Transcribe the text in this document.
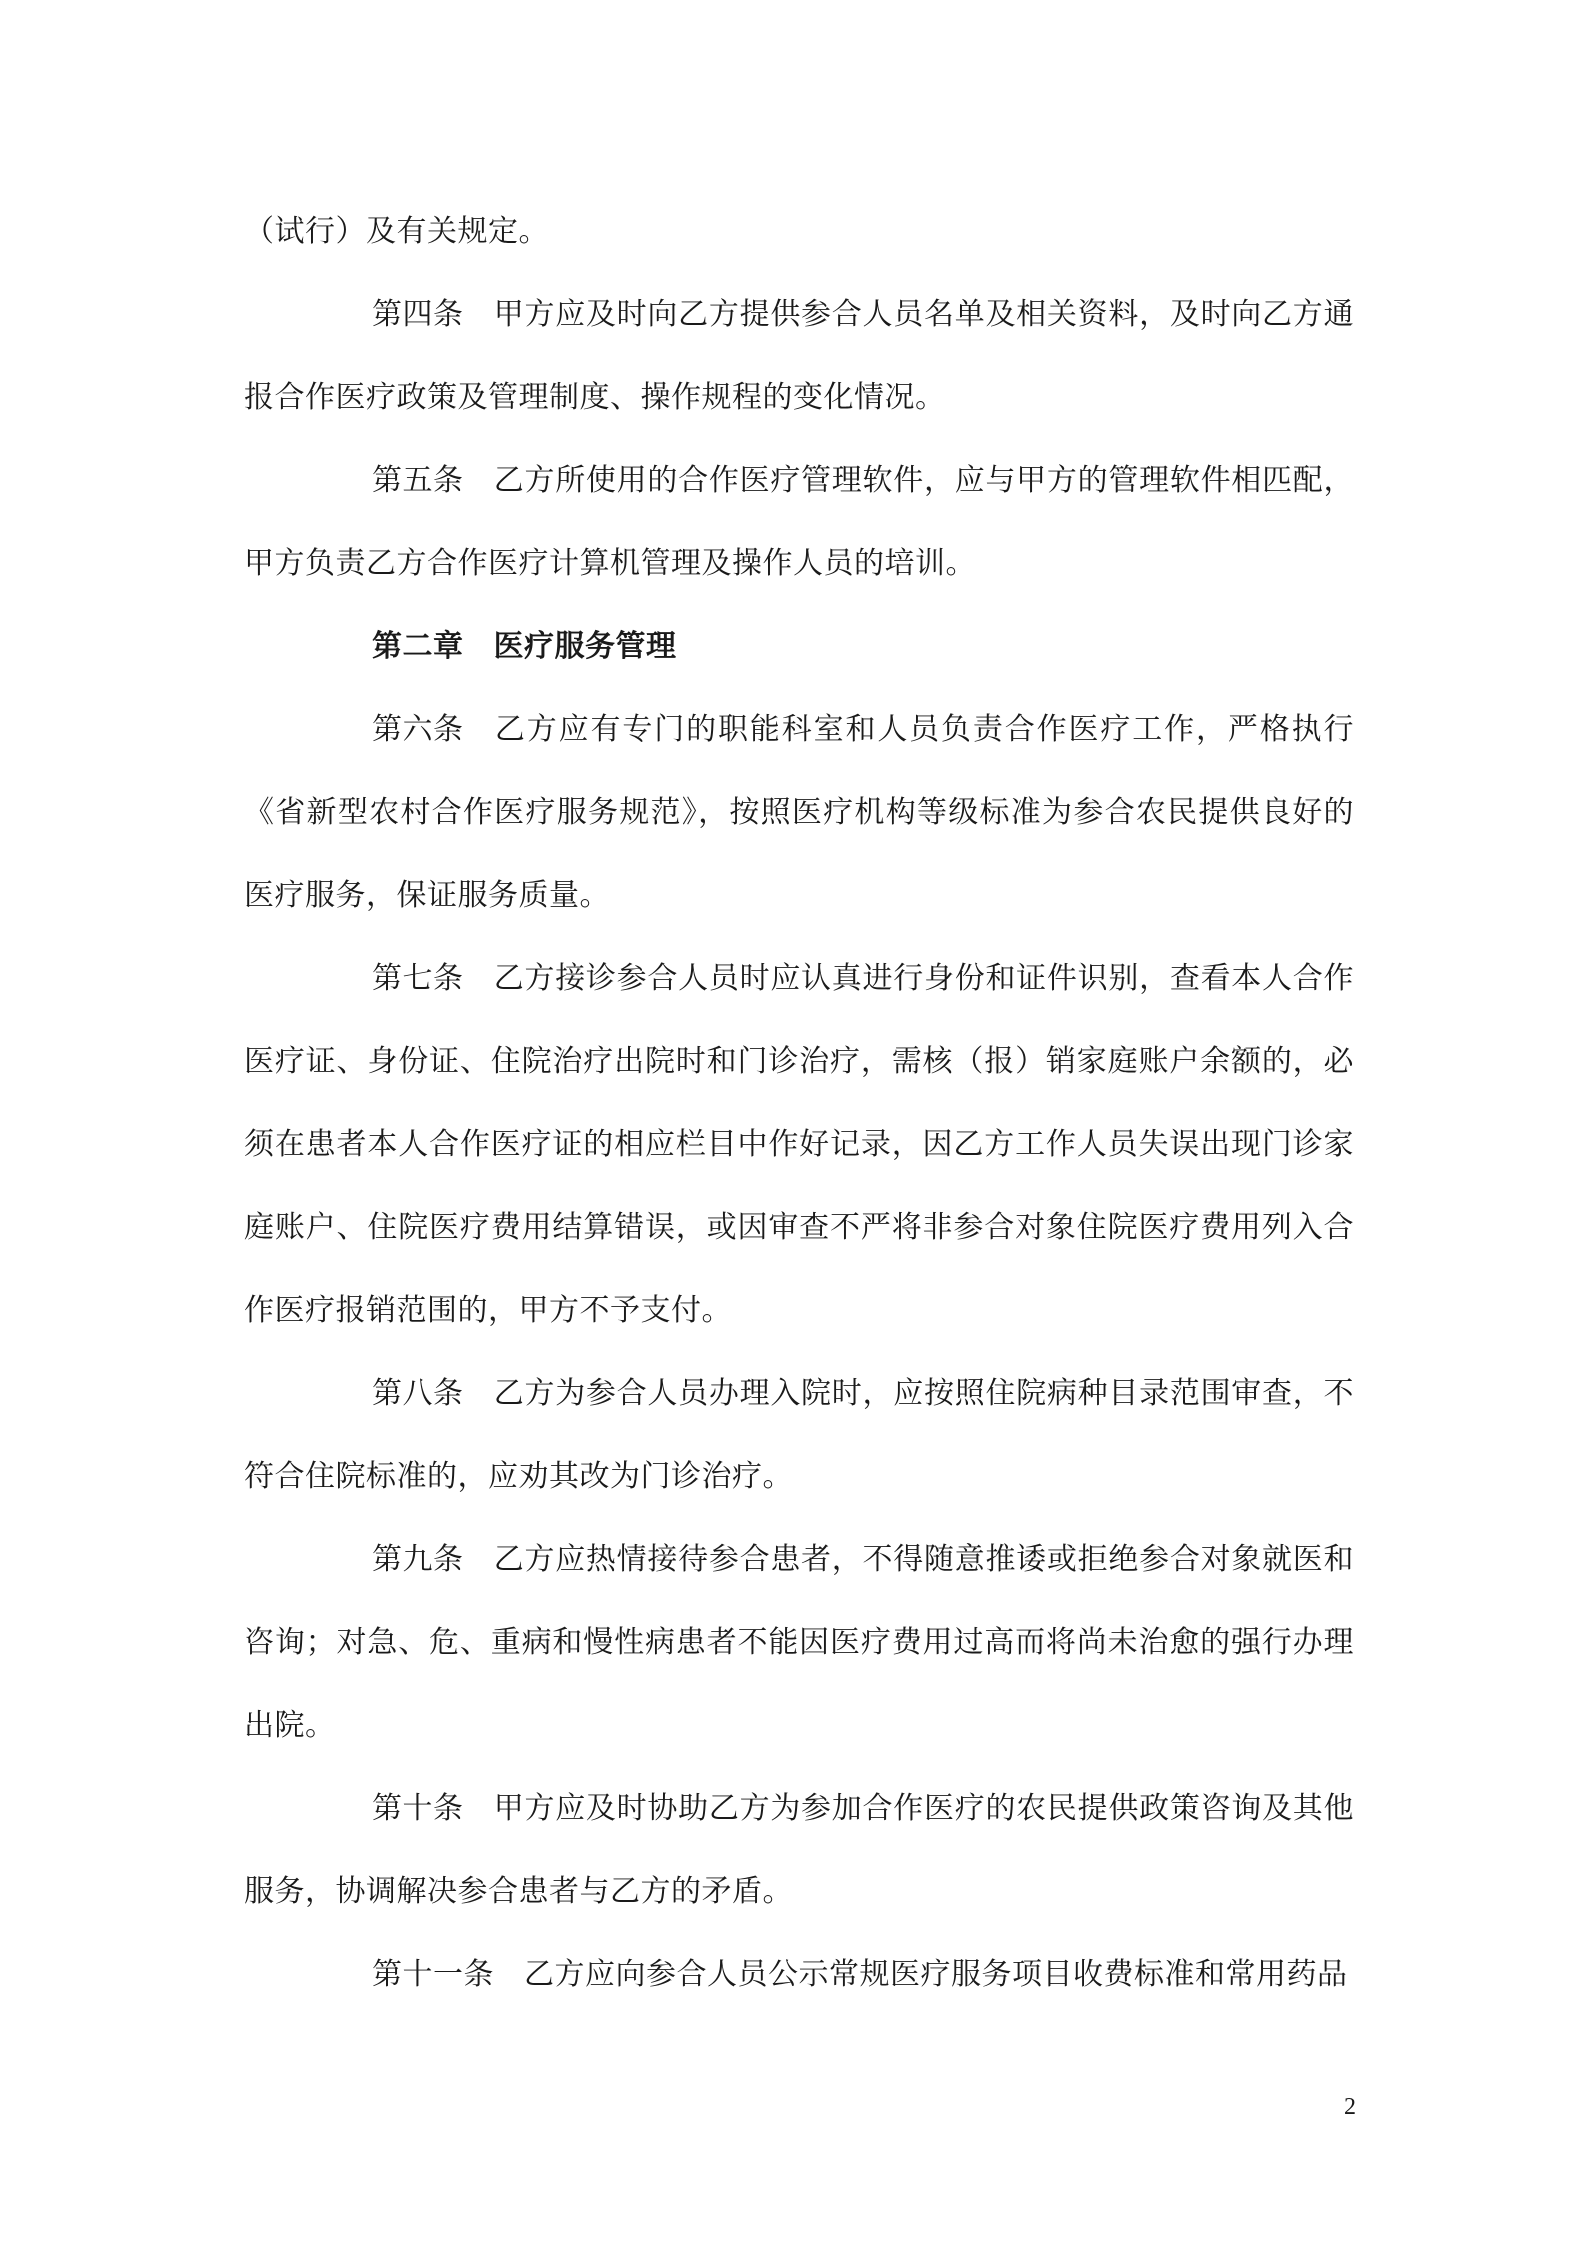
（试行）及有关规定。

第四条 甲方应及时向乙方提供参合人员名单及相关资料，及时向乙方通报合作医疗政策及管理制度、操作规程的变化情况。

第五条 乙方所使用的合作医疗管理软件，应与甲方的管理软件相匹配，甲方负责乙方合作医疗计算机管理及操作人员的培训。

第二章 医疗服务管理

第六条 乙方应有专门的职能科室和人员负责合作医疗工作，严格执行《省新型农村合作医疗服务规范》，按照医疗机构等级标准为参合农民提供良好的医疗服务，保证服务质量。

第七条 乙方接诊参合人员时应认真进行身份和证件识别，查看本人合作医疗证、身份证、住院治疗出院时和门诊治疗，需核（报）销家庭账户余额的，必须在患者本人合作医疗证的相应栏目中作好记录，因乙方工作人员失误出现门诊家庭账户、住院医疗费用结算错误，或因审查不严将非参合对象住院医疗费用列入合作医疗报销范围的，甲方不予支付。

第八条 乙方为参合人员办理入院时，应按照住院病种目录范围审查，不符合住院标准的，应劝其改为门诊治疗。

第九条 乙方应热情接待参合患者，不得随意推诿或拒绝参合对象就医和咨询；对急、危、重病和慢性病患者不能因医疗费用过高而将尚未治愈的强行办理出院。

第十条 甲方应及时协助乙方为参加合作医疗的农民提供政策咨询及其他服务，协调解决参合患者与乙方的矛盾。

第十一条 乙方应向参合人员公示常规医疗服务项目收费标准和常用药品

2
